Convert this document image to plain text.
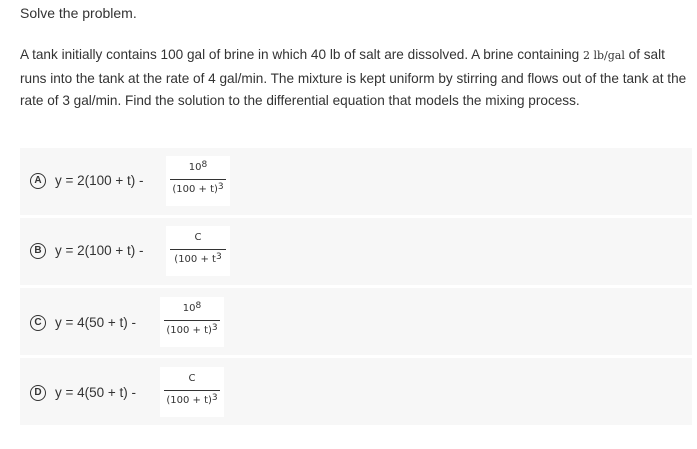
Solve the problem.
A tank initially contains 100 gal of brine in which 40 lb of salt are dissolved. A brine containing 2 lb/gal of salt runs into the tank at the rate of 4 gal/min. The mixture is kept uniform by stirring and flows out of the tank at the rate of 3 gal/min. Find the solution to the differential equation that models the mixing process.
A y = 2(100 + t) -
108
(100 + t)3
B y = 2(100 + t) -
C
(100 + t3
C y = 4(50 + t) -
108
(100 + t)3
D y = 4(50 + t) -
C
(100 + t)3
